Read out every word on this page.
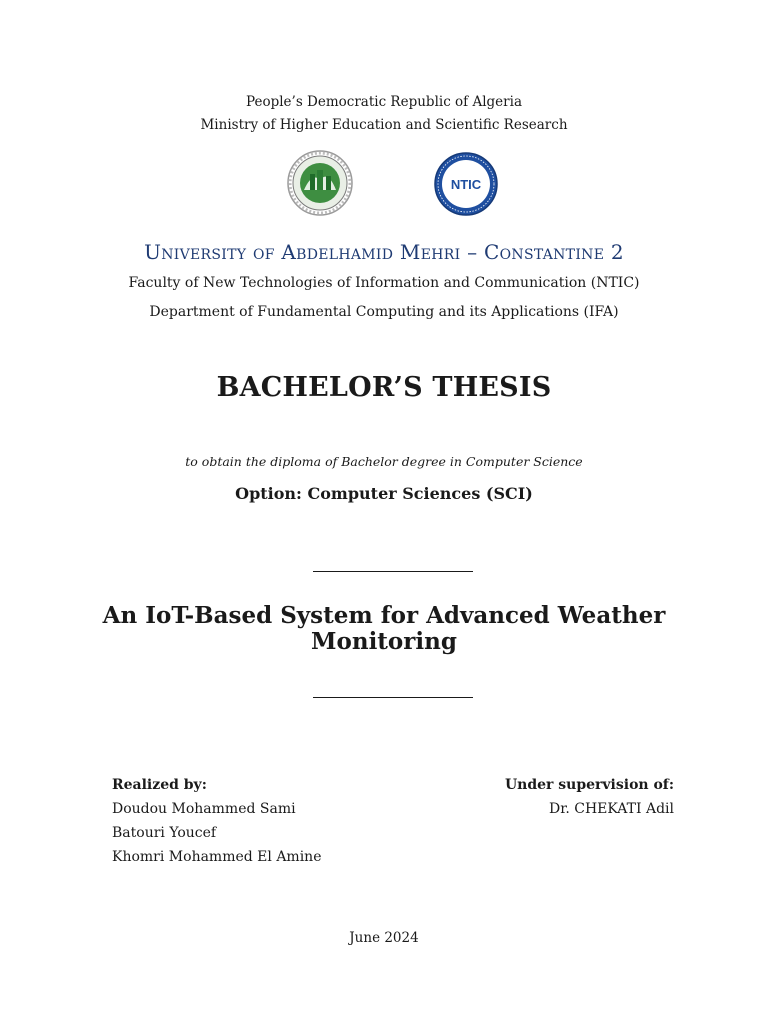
People’s Democratic Republic of Algeria
Ministry of Higher Education and Scientific Research
NTIC
University of Abdelhamid Mehri – Constantine 2
Faculty of New Technologies of Information and Communication (NTIC)
Department of Fundamental Computing and its Applications (IFA)
BACHELOR’S THESIS
to obtain the diploma of Bachelor degree in Computer Science
Option: Computer Sciences (SCI)
An IoT-Based System for Advanced Weather Monitoring
Realized by:
Doudou Mohammed Sami
Batouri Youcef
Khomri Mohammed El Amine
Under supervision of:
Dr. CHEKATI Adil
June 2024
